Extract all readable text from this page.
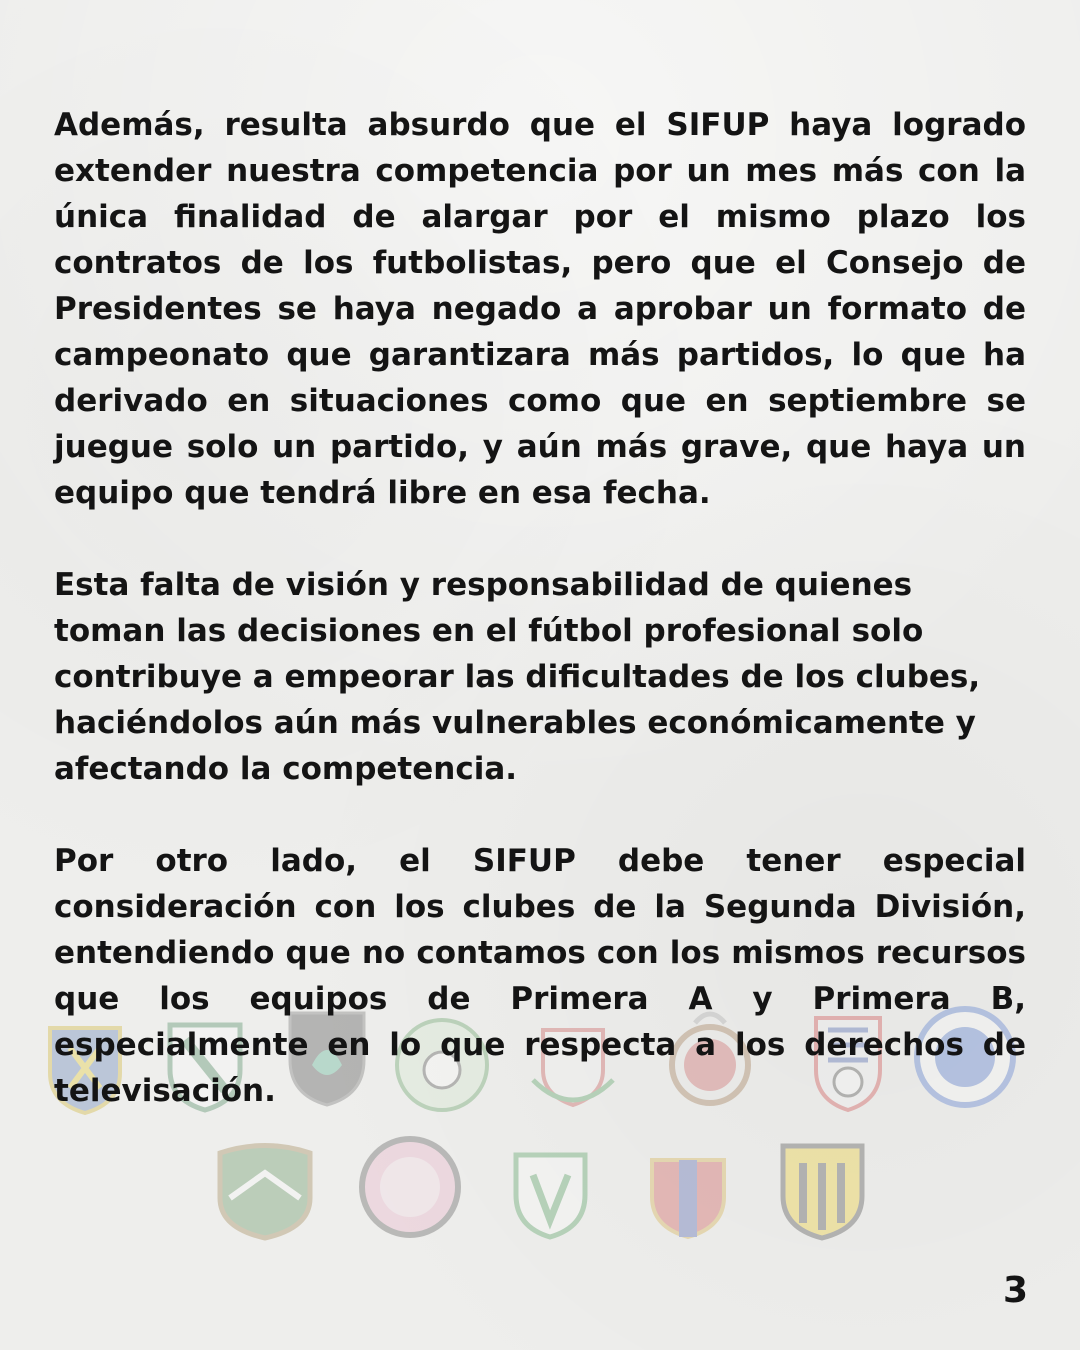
Además, resulta absurdo que el SIFUP haya logrado extender nuestra competencia por un mes más con la única finalidad de alargar por el mismo plazo los contratos de los futbolistas, pero que el Consejo de Presidentes se haya negado a aprobar un formato de campeonato que garantizara más partidos, lo que ha derivado en situaciones como que en septiembre se juegue solo un partido, y aún más grave, que haya un equipo que tendrá libre en esa fecha.

Esta falta de visión y responsabilidad de quienes toman las decisiones en el fútbol profesional solo contribuye a empeorar las dificultades de los clubes, haciéndolos aún más vulnerables económicamente y afectando la competencia.

Por otro lado, el SIFUP debe tener especial consideración con los clubes de la Segunda División, entendiendo que no contamos con los mismos recursos que los equipos de Primera A y Primera B, especialmente en lo que respecta a los derechos de televisación.

3
